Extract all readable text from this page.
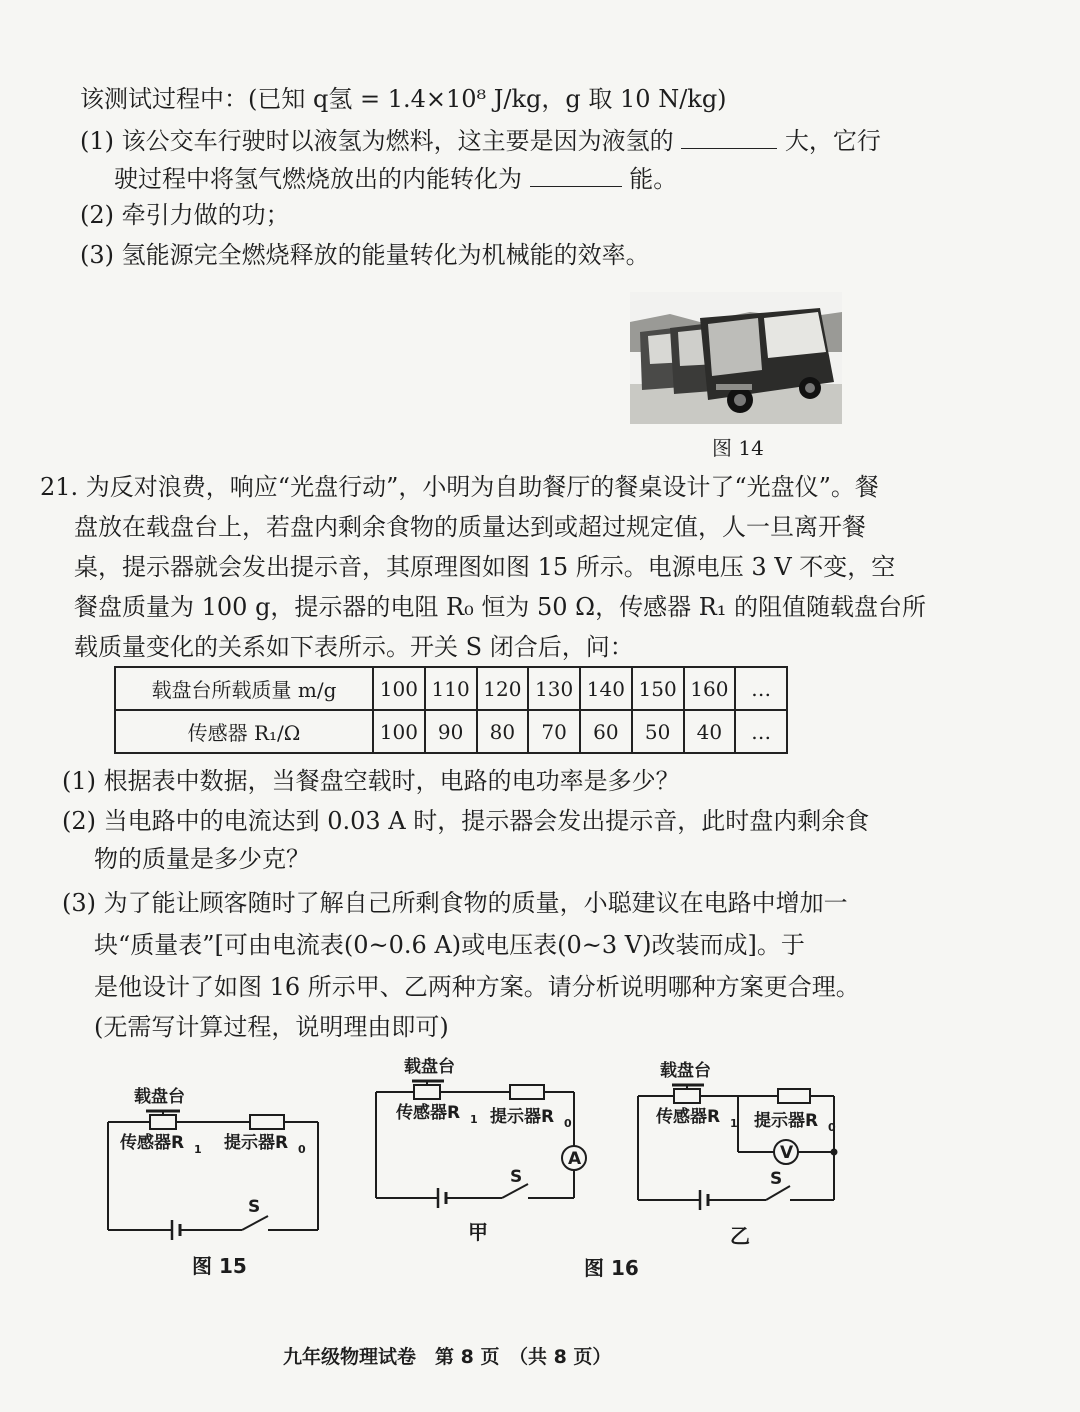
该测试过程中：(已知 q氢 = 1.4×10⁸ J/kg，g 取 10 N/kg)
(1) 该公交车行驶时以液氢为燃料，这主要是因为液氢的	大，它行
驶过程中将氢气燃烧放出的内能转化为	能。
(2) 牵引力做的功；
(3) 氢能源完全燃烧释放的能量转化为机械能的效率。
图 14
21. 为反对浪费，响应“光盘行动”，小明为自助餐厅的餐桌设计了“光盘仪”。餐
盘放在载盘台上，若盘内剩余食物的质量达到或超过规定值，人一旦离开餐
桌，提示器就会发出提示音，其原理图如图 15 所示。电源电压 3 V 不变，空
餐盘质量为 100 g，提示器的电阻 R₀ 恒为 50 Ω，传感器 R₁ 的阻值随载盘台所
载质量变化的关系如下表所示。开关 S 闭合后，问：
载盘台所载质量 m/g	100	110	120	130	140	150	160	…
传感器 R₁/Ω	100	90	80	70	60	50	40	…
(1) 根据表中数据，当餐盘空载时，电路的电功率是多少？
(2) 当电路中的电流达到 0.03 A 时，提示器会发出提示音，此时盘内剩余食
物的质量是多少克？
(3) 为了能让顾客随时了解自己所剩食物的质量，小聪建议在电路中增加一
块“质量表”[可由电流表(0~0.6 A)或电压表(0~3 V)改装而成]。于
是他设计了如图 16 所示甲、乙两种方案。请分析说明哪种方案更合理。
(无需写计算过程，说明理由即可)
载盘台
传感器R 1 提示器R 0
S
图 15
载盘台
传感器R 1 提示器R 0
A
S
甲
载盘台
传感器R 1 提示器R 0
V
S
乙
图 16
九年级物理试卷　第 8 页　（共 8 页）
